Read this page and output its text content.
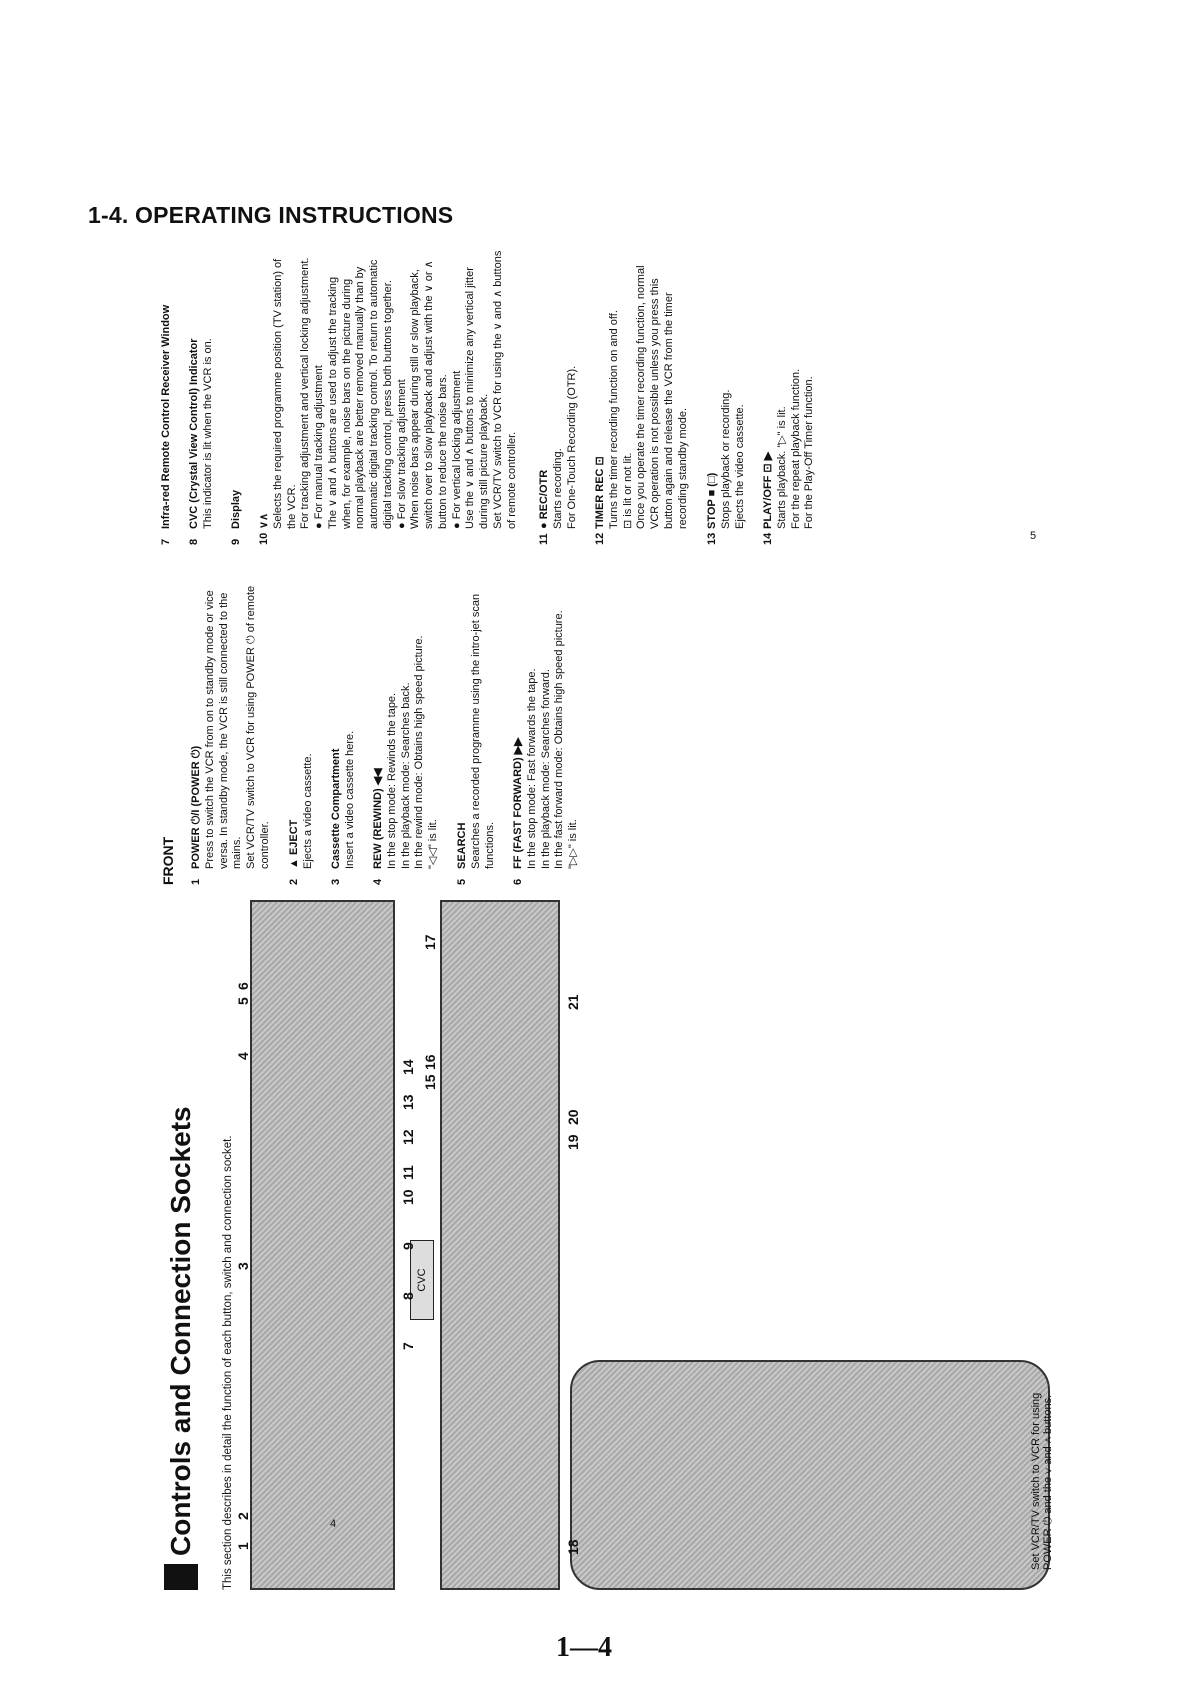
1-4. OPERATING INSTRUCTIONS
Controls and Connection Sockets This section describes in detail the function of each button, switch and connection socket.	CVC
1
2
3
4
5
6
7
8
9
10
11
12
13
14
15
16
17
18
19
20
21
Set VCR/TV switch to VCR for using POWER ⏻ and the ∨ and ∧ buttons.
FRONT 1POWER ⏻/I (POWER ⏻) Press to switch the VCR from on to standby mode or vice versa. In standby mode, the VCR is still connected to the mains. Set VCR/TV switch to VCR for using POWER ⏻ of remote controller.
2▲ EJECT Ejects a video cassette.
3Cassette Compartment Insert a video cassette here.
4REW (REWIND) ◀◀ In the stop mode: Rewinds the tape. In the playback mode: Searches back. In the rewind mode: Obtains high speed picture. "◁◁" is lit.
5SEARCH Searches a recorded programme using the intro-jet scan functions.
6FF (FAST FORWARD) ▶▶ In the stop mode: Fast forwards the tape. In the playback mode: Searches forward. In the fast forward mode: Obtains high speed picture. "▷▷" is lit.
7Infra-red Remote Control Receiver Window
8CVC (Crystal View Control) Indicator This indicator is lit when the VCR is on.
9Display
10∨∧ Selects the required programme position (TV station) of the VCR. For tracking adjustment and vertical locking adjustment. ● For manual tracking adjustment The ∨ and ∧ buttons are used to adjust the tracking when, for example, noise bars on the picture during normal playback are better removed manually than by automatic digital tracking control. To return to automatic digital tracking control, press both buttons together. ● For slow tracking adjustment When noise bars appear during still or slow playback, switch over to slow playback and adjust with the ∨ or ∧ button to reduce the noise bars. ● For vertical locking adjustment Use the ∨ and ∧ buttons to minimize any vertical jitter during still picture playback. Set VCR/TV switch to VCR for using the ∨ and ∧ buttons of remote controller.
11● REC/OTR Starts recording. For One-Touch Recording (OTR).
12TIMER REC ⊡ Turns the timer recording function on and off. ⊡ is lit or not lit. Once you operate the timer recording function, normal VCR operation is not possible unless you press this button again and release the VCR from the timer recording standby mode.
13STOP ■ (□) Stops playback or recording. Ejects the video cassette.
14PLAY/OFF ⊡ ▶ Starts playback. "▷" is lit. For the repeat playback function. For the Play-Off Timer function.
4
5
1—4
